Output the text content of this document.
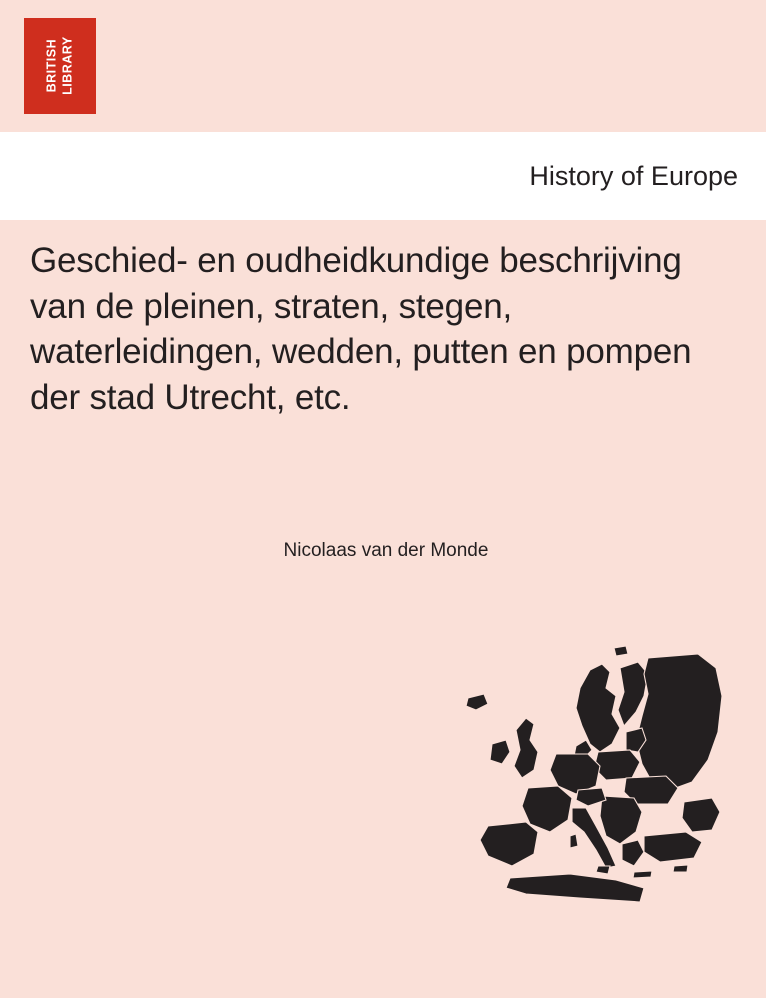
BRITISH LIBRARY
History of Europe
Geschied- en oudheidkundige beschrijving van de pleinen, straten, stegen, waterleidingen, wedden, putten en pompen der stad Utrecht, etc.
Nicolaas van der Monde
